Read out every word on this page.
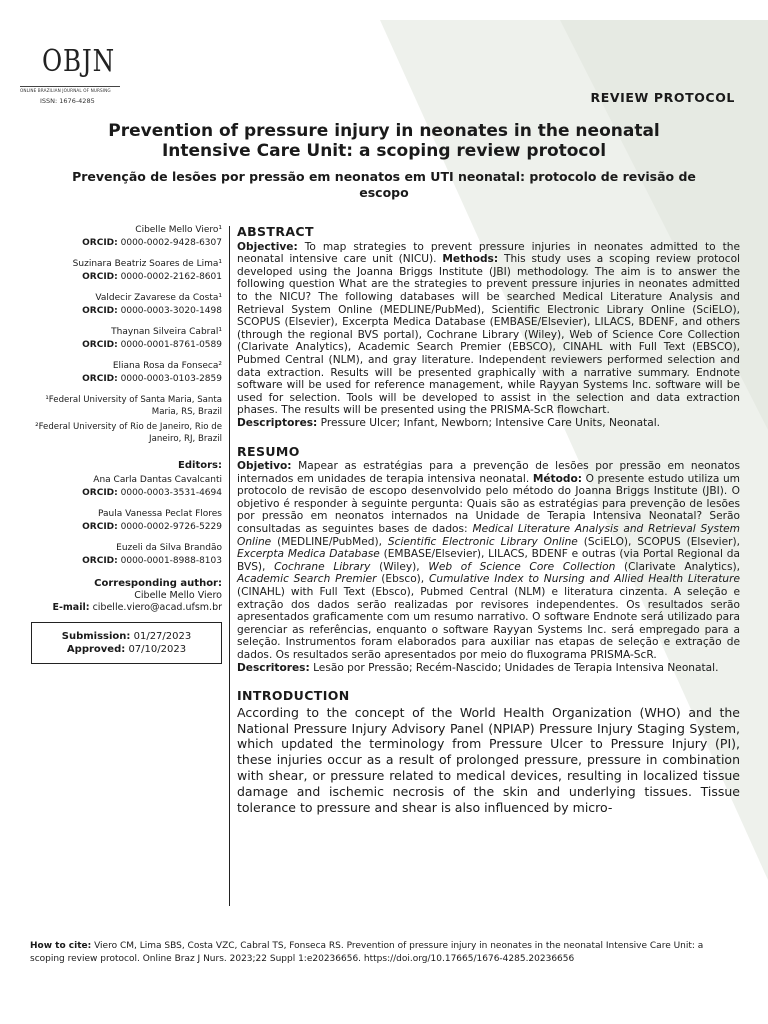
OBJN
ONLINE BRAZILIAN JOURNAL OF NURSING
ISSN: 1676-4285	REVIEW PROTOCOL
Prevention of pressure injury in neonates in the neonatal
Intensive Care Unit: a scoping review protocol
Prevenção de lesões por pressão em neonatos em UTI neonatal: protocolo de revisão de
escopo
Cibelle Mello Viero¹
ORCID: 0000-0002-9428-6307
Suzinara Beatriz Soares de Lima¹
ORCID: 0000-0002-2162-8601
Valdecir Zavarese da Costa¹
ORCID: 0000-0003-3020-1498
Thaynan Silveira Cabral¹
ORCID: 0000-0001-8761-0589
Eliana Rosa da Fonseca²
ORCID: 0000-0003-0103-2859
¹Federal University of Santa Maria, Santa Maria, RS, Brazil
²Federal University of Rio de Janeiro, Rio de Janeiro, RJ, Brazil
Editors:
Ana Carla Dantas Cavalcanti
ORCID: 0000-0003-3531-4694
Paula Vanessa Peclat Flores
ORCID: 0000-0002-9726-5229
Euzeli da Silva Brandão
ORCID: 0000-0001-8988-8103
Corresponding author:
Cibelle Mello Viero
E-mail: cibelle.viero@acad.ufsm.br
Submission: 01/27/2023
Approved: 07/10/2023
ABSTRACT

Objective: To map strategies to prevent pressure injuries in neonates admitted to the neonatal intensive care unit (NICU). Methods: This study uses a scoping review protocol developed using the Joanna Briggs Institute (JBI) methodology. The aim is to answer the following question What are the strategies to prevent pressure injuries in neonates admitted to the NICU? The following databases will be searched Medical Literature Analysis and Retrieval System Online (MEDLINE/PubMed), Scientific Electronic Library Online (SciELO), SCOPUS (Elsevier), Excerpta Medica Database (EMBASE/Elsevier), LILACS, BDENF, and others (through the regional BVS portal), Cochrane Library (Wiley), Web of Science Core Collection (Clarivate Analytics), Academic Search Premier (EBSCO), CINAHL with Full Text (EBSCO), Pubmed Central (NLM), and gray literature. Independent reviewers performed selection and data extraction. Results will be presented graphically with a narrative summary. Endnote software will be used for reference management, while Rayyan Systems Inc. software will be used for selection. Tools will be developed to assist in the selection and data extraction phases. The results will be presented using the PRISMA-ScR flowchart.

Descriptores: Pressure Ulcer; Infant, Newborn; Intensive Care Units, Neonatal.

RESUMO

Objetivo: Mapear as estratégias para a prevenção de lesões por pressão em neonatos internados em unidades de terapia intensiva neonatal. Método: O presente estudo utiliza um protocolo de revisão de escopo desenvolvido pelo método do Joanna Briggs Institute (JBI). O objetivo é responder à seguinte pergunta: Quais são as estratégias para prevenção de lesões por pressão em neonatos internados na Unidade de Terapia Intensiva Neonatal? Serão consultadas as seguintes bases de dados: Medical Literature Analysis and Retrieval System Online (MEDLINE/PubMed), Scientific Electronic Library Online (SciELO), SCOPUS (Elsevier), Excerpta Medica Database (EMBASE/Elsevier), LILACS, BDENF e outras (via Portal Regional da BVS), Cochrane Library (Wiley), Web of Science Core Collection (Clarivate Analytics), Academic Search Premier (Ebsco), Cumulative Index to Nursing and Allied Health Literature (CINAHL) with Full Text (Ebsco), Pubmed Central (NLM) e literatura cinzenta. A seleção e extração dos dados serão realizadas por revisores independentes. Os resultados serão apresentados graficamente com um resumo narrativo. O software Endnote será utilizado para gerenciar as referências, enquanto o software Rayyan Systems Inc. será empregado para a seleção. Instrumentos foram elaborados para auxiliar nas etapas de seleção e extração de dados. Os resultados serão apresentados por meio do fluxograma PRISMA-ScR.

Descritores: Lesão por Pressão; Recém-Nascido; Unidades de Terapia Intensiva Neonatal.

INTRODUCTION

According to the concept of the World Health Organization (WHO) and the National Pressure Injury Advisory Panel (NPIAP) Pressure Injury Staging System, which updated the terminology from Pressure Ulcer to Pressure Injury (PI), these injuries occur as a result of prolonged pressure, pressure in combination with shear, or pressure related to medical devices, resulting in localized tissue damage and ischemic necrosis of the skin and underlying tissues. Tissue tolerance to pressure and shear is also influenced by micro-

How to cite: Viero CM, Lima SBS, Costa VZC, Cabral TS, Fonseca RS. Prevention of pressure injury in neonates in the neonatal Intensive Care Unit: a scoping review protocol. Online Braz J Nurs. 2023;22 Suppl 1:e20236656. https://doi.org/10.17665/1676-4285.20236656
